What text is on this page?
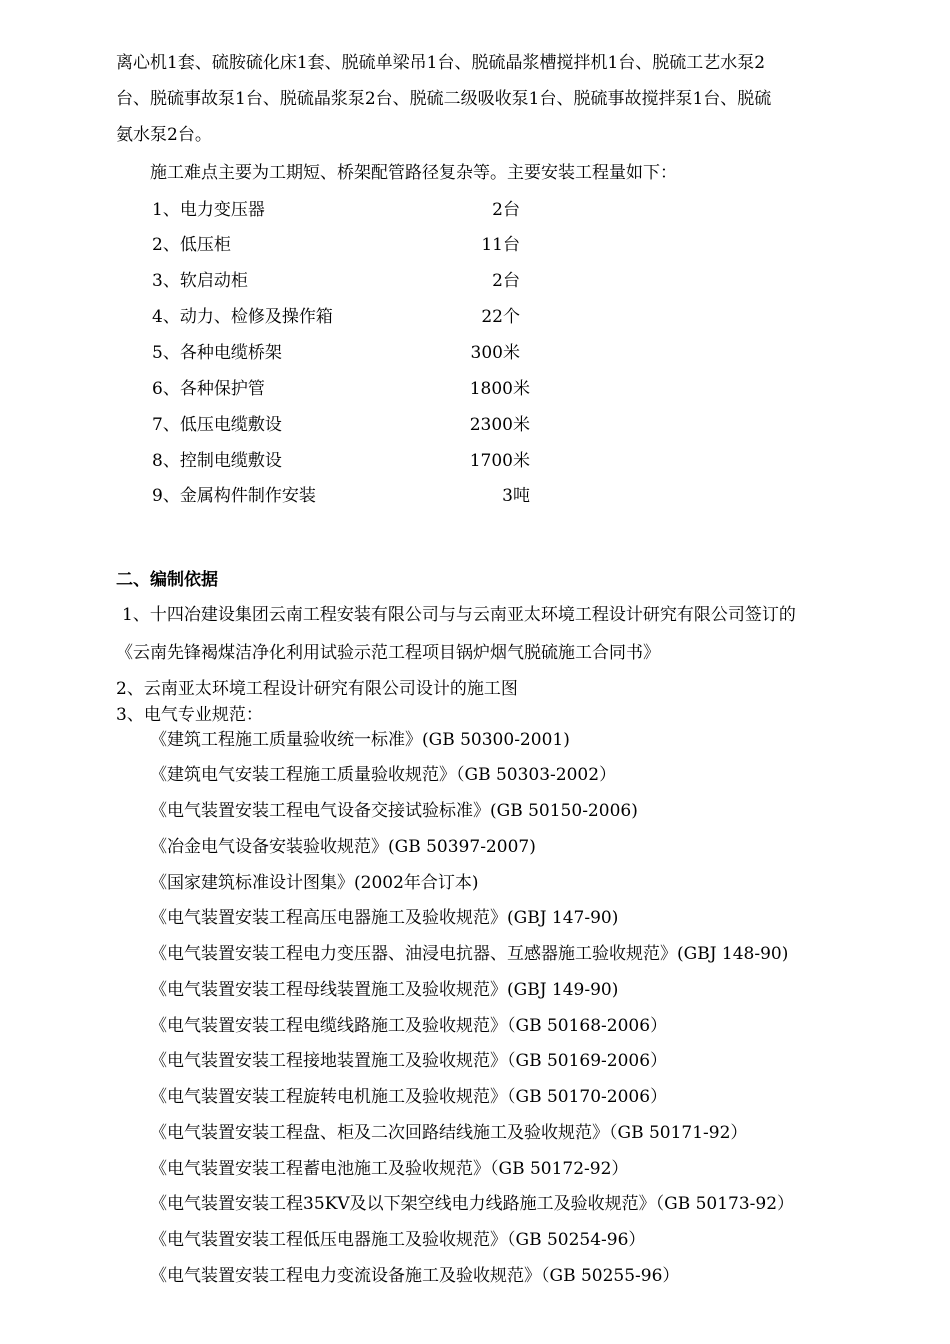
离心机1套、硫胺硫化床1套、脱硫单梁吊1台、脱硫晶浆槽搅拌机1台、脱硫工艺水泵2
台、脱硫事故泵1台、脱硫晶浆泵2台、脱硫二级吸收泵1台、脱硫事故搅拌泵1台、脱硫
氨水泵2台。
施工难点主要为工期短、桥架配管路径复杂等。主要安装工程量如下：
1、电力变压器	2台
2、低压柜	11台
3、软启动柜	2台
4、动力、检修及操作箱	22个
5、各种电缆桥架	300米
6、各种保护管	1800米
7、低压电缆敷设	2300米
8、控制电缆敷设	1700米
9、金属构件制作安装	3吨
二、编制依据
1、十四冶建设集团云南工程安装有限公司与与云南亚太环境工程设计研究有限公司签订的
《云南先锋褐煤洁净化利用试验示范工程项目锅炉烟气脱硫施工合同书》
2、云南亚太环境工程设计研究有限公司设计的施工图
3、电气专业规范：
《建筑工程施工质量验收统一标准》(GB 50300-2001)
《建筑电气安装工程施工质量验收规范》（GB 50303-2002）
《电气装置安装工程电气设备交接试验标准》(GB 50150-2006)
《冶金电气设备安装验收规范》(GB 50397-2007)
《国家建筑标准设计图集》(2002年合订本)
《电气装置安装工程高压电器施工及验收规范》(GBJ 147-90)
《电气装置安装工程电力变压器、油浸电抗器、互感器施工验收规范》(GBJ 148-90)
《电气装置安装工程母线装置施工及验收规范》(GBJ 149-90)
《电气装置安装工程电缆线路施工及验收规范》（GB 50168-2006）
《电气装置安装工程接地装置施工及验收规范》（GB 50169-2006）
《电气装置安装工程旋转电机施工及验收规范》（GB 50170-2006）
《电气装置安装工程盘、柜及二次回路结线施工及验收规范》（GB 50171-92）
《电气装置安装工程蓄电池施工及验收规范》（GB 50172-92）
《电气装置安装工程35KV及以下架空线电力线路施工及验收规范》（GB 50173-92）
《电气装置安装工程低压电器施工及验收规范》（GB 50254-96）
《电气装置安装工程电力变流设备施工及验收规范》（GB 50255-96）
